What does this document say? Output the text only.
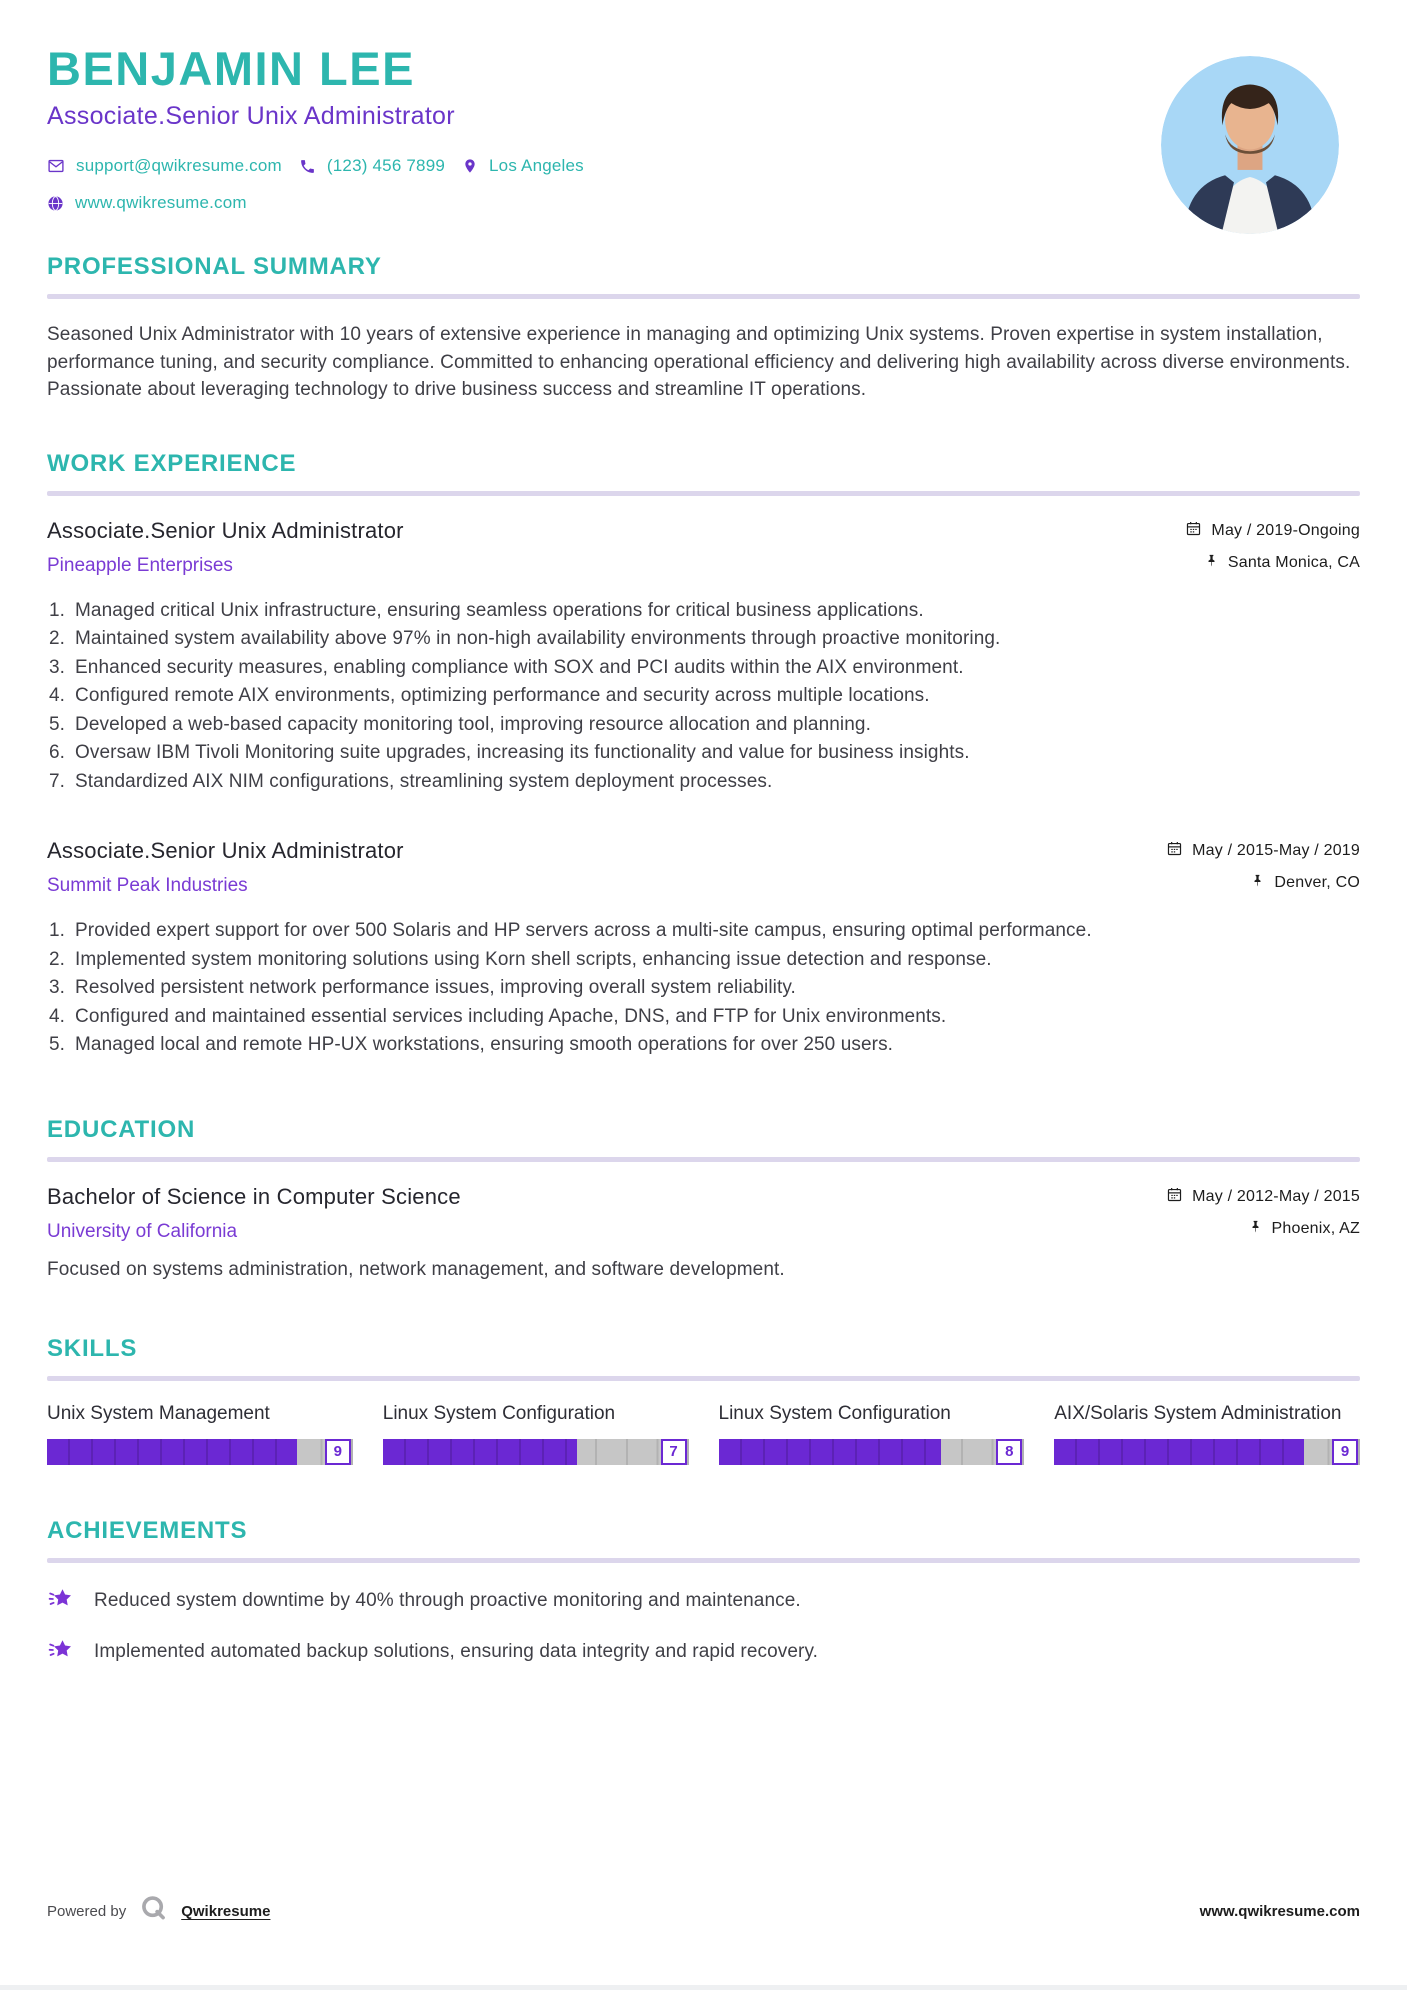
BENJAMIN LEE
Associate.Senior Unix Administrator
support@qwikresume.com	(123) 456 7899	Los Angeles
www.qwikresume.com
PROFESSIONAL SUMMARY
Seasoned Unix Administrator with 10 years of extensive experience in managing and optimizing Unix systems. Proven expertise in system installation, performance tuning, and security compliance. Committed to enhancing operational efficiency and delivering high availability across diverse environments. Passionate about leveraging technology to drive business success and streamline IT operations.
WORK EXPERIENCE
Associate.Senior Unix Administrator
Pineapple Enterprises
May / 2019-Ongoing
Santa Monica, CA
Managed critical Unix infrastructure, ensuring seamless operations for critical business applications.
Maintained system availability above 97% in non-high availability environments through proactive monitoring.
Enhanced security measures, enabling compliance with SOX and PCI audits within the AIX environment.
Configured remote AIX environments, optimizing performance and security across multiple locations.
Developed a web-based capacity monitoring tool, improving resource allocation and planning.
Oversaw IBM Tivoli Monitoring suite upgrades, increasing its functionality and value for business insights.
Standardized AIX NIM configurations, streamlining system deployment processes.
Associate.Senior Unix Administrator
Summit Peak Industries
May / 2015-May / 2019
Denver, CO
Provided expert support for over 500 Solaris and HP servers across a multi-site campus, ensuring optimal performance.
Implemented system monitoring solutions using Korn shell scripts, enhancing issue detection and response.
Resolved persistent network performance issues, improving overall system reliability.
Configured and maintained essential services including Apache, DNS, and FTP for Unix environments.
Managed local and remote HP-UX workstations, ensuring smooth operations for over 250 users.
EDUCATION
Bachelor of Science in Computer Science
University of California
May / 2012-May / 2015
Phoenix, AZ
Focused on systems administration, network management, and software development.
SKILLS
Unix System Management
9
Linux System Configuration
7
Linux System Configuration
8
AIX/Solaris System Administration
9
ACHIEVEMENTS
Reduced system downtime by 40% through proactive monitoring and maintenance.
Implemented automated backup solutions, ensuring data integrity and rapid recovery.
Powered by	Qwikresume	www.qwikresume.com
